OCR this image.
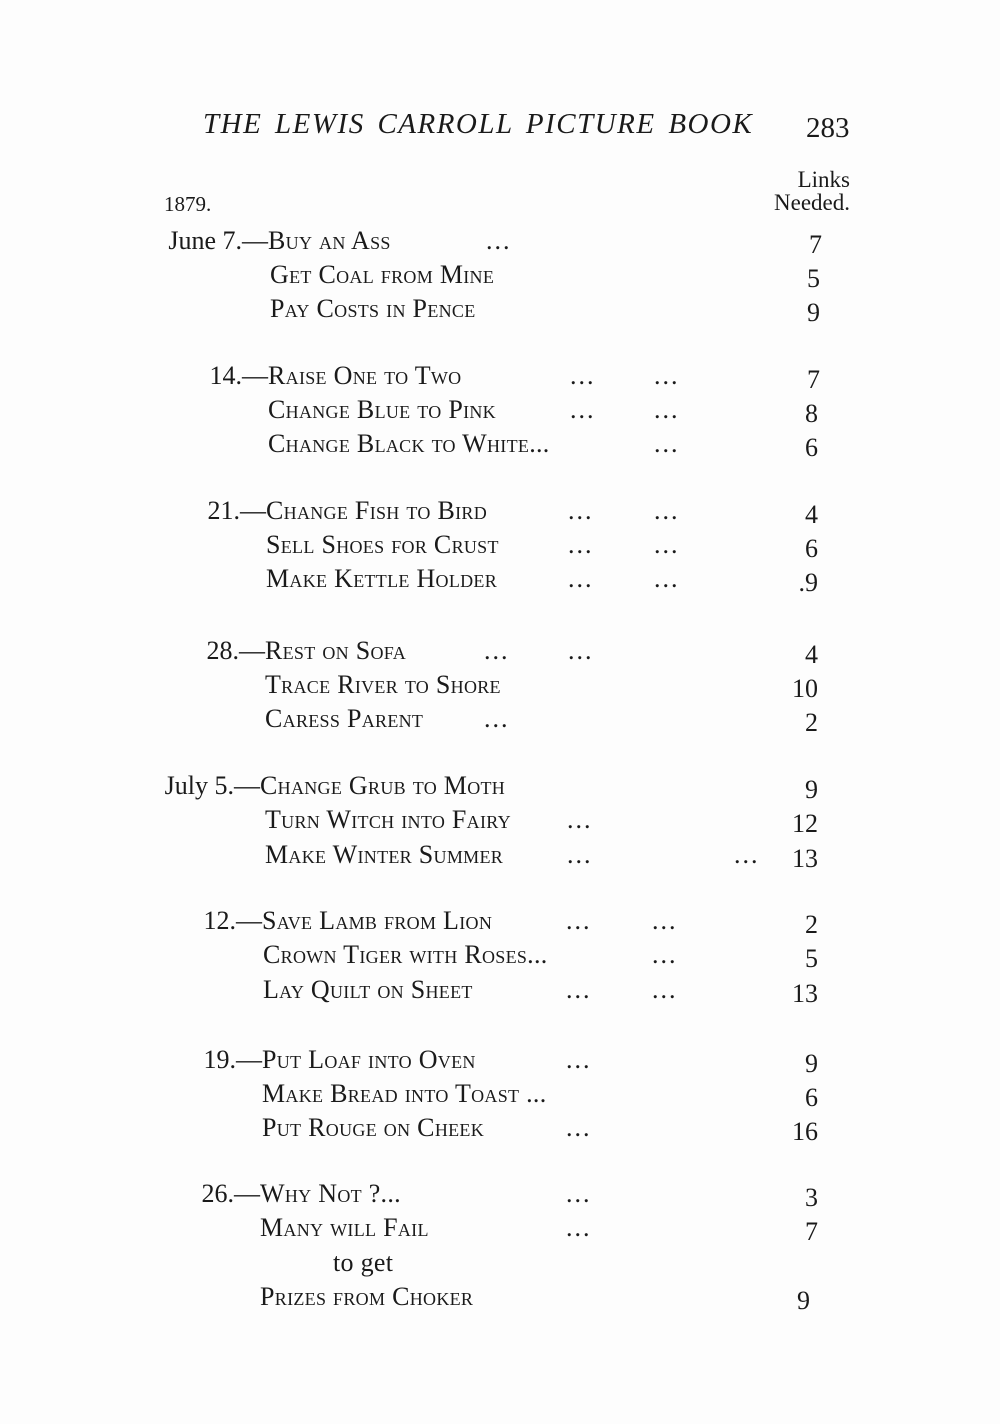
THE LEWIS CARROLL PICTURE BOOK 283
Links
Needed.
1879.
June 7.— Buy an Ass	...	7
Get Coal from Mine	5
Pay Costs in Pence	9
14.— Raise One to Two	... ...	7
Change Blue to Pink	... ...	8
Change Black to White...	...	6
21.— Change Fish to Bird	... ...	4
Sell Shoes for Crust	... ...	6
Make Kettle Holder	... ...	.9
28.— Rest on Sofa	... ...	4
Trace River to Shore	10
Caress Parent ...	2
July 5.— Change Grub to Moth	9
Turn Witch into Fairy ...	12
Make Winter Summer ...	...	13
12.— Save Lamb from Lion	... ...	2
Crown Tiger with Roses...	...	5
Lay Quilt on Sheet	... ...	13
19.— Put Loaf into Oven	...	9
Make Bread into Toast ...	6
Put Rouge on Cheek	...	16
26.— Why Not ?...	...	3
Many will Fail	...	7
to get
Prizes from Choker	9
